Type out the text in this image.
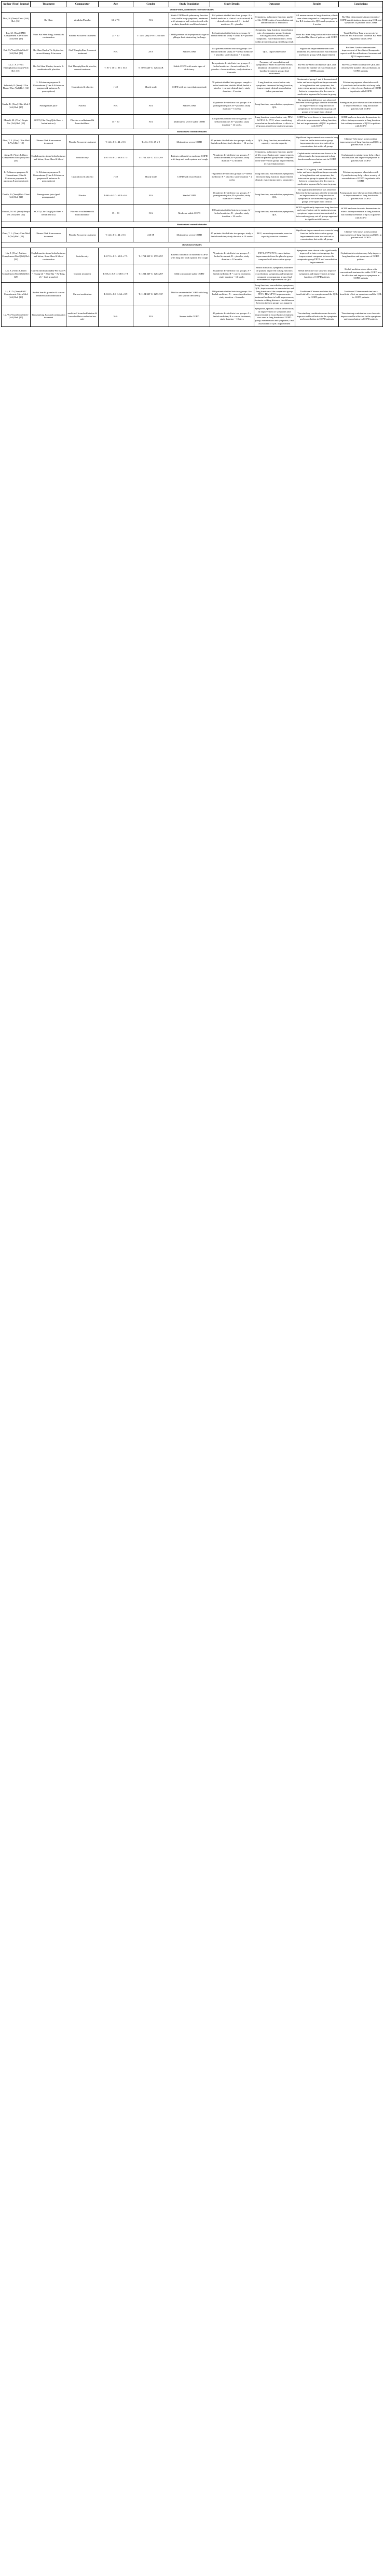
Author (Year) Journal	Treatment	Comparator	Age	Gender	Study Population	Study Details	Outcomes	Results	Conclusions
Double-blind, randomised controlled studies									
Dias, N. (Year) Chest (Vol) Ref: [12]	Bu-Shen	ntradoba Placebo	61 ± 7.5	N/A	Stable COPD with pulmonary function tests; stable lung-symptoms; treatment with pimagene and corticosteroid with prednis; bronchitis and blood stained	144 patients divided into four groups: A = herbal medicine + clinical corticosteroid; B = clinical corticosteroid; C = herbal medicine; D = placebo	Symptoms, pulmonary function; quality of life (QOL); ratio of exacerbation and administration of antibiotics	All measurements in lungs function; effects seen when compared to comparator group for ILS treatment in QOL and symptoms at 6 weeks	Bu-Shen demonstrates improvement of COPD manifestations, improving QOL and symptoms of patients with COPD
Liu, M. (Year) BMC Complement Altern Med (Vol) Ref: [13]	Yunti Bai Shen Tang; formula & combination	Placebo & current treatment	23 ~ 20	T: 1254 (n4) A+B: 1252 n4B	COPD patients with symptomatic type of phlegm-heat obstructing the lungs	144 patients divided into two groups: A = herbal medicine study + study; B = placebo + study	Symptoms, lung function; exacerbation rate of comparator group; 6-minute walking distance; severity and symptoms; exacerbation index; event within treatment group; final lung result	Yunti Bai Shen Tang had an effective action on herbal Bai Shen of patients with COPD	Yunti Bai Shen Tang was seen to be effective and efficacious in herbal Bai Shen of patients with COPD
Dai, T. (Year) Chin Med J (Vol) Ref: [14]	Bu-Shen Huoku Tie & placebo; current therapy & increase	Oral Theophylline & current treatment	N/A	29 A	Stable COPD	144 patients divided into two groups: A = herbal medicine study; B = herbal medicine + placebo; study duration = 6 months	QOL, improvement rate	Significant improvement seen after treatment; less medication in exacerbation and forced group; QOL improvement	Bu-Shen Tiaobao demonstrates improvement of the clinical therapeutic aspects with the utilisation of increase and QOL improvements
Lu, J. X. (Year) Ethnopharmacology (Vol) Ref: [15]	Bu-Fei Shen Huoku; formula & combination & placebos	Oral Theophylline & placebo, current treatment	T: 87 ± 10 C: 89 ± 10.5	T: 7092 A4F C: 1284 n4B	Stable COPD with acute signs of deficiency	Two patients divided into two groups: A = herbal medicine + bronchodilator; B = placebo + bronchodilator; study duration = 6 months	Frequency of exacerbation and symptoms of Shen-Xu adverse events; inhalation of number of patients in baseline treatment group; final assessment	Bu-Fei Xu-Shen can improve QOL and decrease the number of exacerbations in COPD patients	Bu-Fei Xu-Shen can improve QOL and decrease the number of exacerbations in COPD patients
Zeboriah, P. (Year) J Clin Pharm Ther (Vol) Ref: [16]	L. Echinacea purpurea & Ginsentinum (Gim & Echinacea purpurea & aubracus & prescriptions)	Cyanidiosis & placebo	> 40	Mostly male	COPD with an exacerbation episode	78 patients divided into groups: sample = herbal medicine; double- blind; herbal = placebo + current clinical study; study duration = 2 weeks	Lung function; exacerbation rate; symptoms; decreased in lung function; improvement clinical; exacerbation index; parameters	Treatment of group 1 and 2 demonstrated better and more significant improvements in lung function and symptoms; the intervention group is appeared to be the better in comparison; the decrease in medication appeared to be seen in group	Echinacea purpurea when taken with Cyanidiosis and microbic acid may help reduce severity of exacerbations of COPD in patients with COPD
Sands, B. (Year) Chin Med J (Vol) Ref: [17]	Pomegranate juice	Placebo	N/A	N/A	Stable COPD	30 patients divided into two groups: A = pomegranate juice; B = placebo; study duration = 5 weeks	Lung function; exacerbation; symptoms; QOL	No significant difference was observed between the two groups after the treatment; no improvement of lung function or symptoms in the intervention group; all groups were apart from clinical	Pomegranate juice shows no clinical benefit or improvements of lung function in patients with COPD
Munoli, M. (Year) Respir Dis (Vol) Ref: [18]	SCBT (Chu-Tang Qilu Shen + herbal extract)	Placebo or salbutamol & bronchodilator	35 ~ 50	N/A	Moderate to severe stable COPD	138 patients divided into two groups: A = herbal medicine; B = placebo; study duration = 14 weeks	Lung function; exacerbation rate; FEV1 & FEV1 &, FVC/ when considering exacerbation bronchodilator + effects to all groups exert from treatment groups	SCBT has been shown to demonstrate its effects in improvements in lung function, but not improvements of QOL in patients with COPD	SCBT has been shown to demonstrate its effects in improvements in lung function, but not improvements of QOL in patients with COPD
Randomised controlled studies									
Zhao, T. J. (Year) Chin Med J (Vol) Ref: [19]	Chinese Tiek & movement treatment	Placebo & current treatment	T: 44 ± 8 C: 44 ± 8.5	T: 45 ± 8 C: 45 ± 9	Moderate or severe COPD	45 patients divided into two groups: study = herbal medicine; study duration = 14 weeks	QOL; lung function; exacerbation; capacity; exercise capacity	Significant improvements were seen in lung function in the intervention group; improvements were also noticed in exacerbation, but not in all groups	Chinese Tiek shows some positive improvements of lung function and QOL in patients with COPD
Jiang, D. (Year) J Altern Complement Med (Vol) Ref: [20]	Cephalometrix inner herbal mixture and lotion; Shen-Shen & blood	Sertolin only	T: 67.9 ± 8 C: 68.8 ± 7.5	T: 1754 32F C: 1755 29F	Patients with mild or moderate COPD with lung and weak sputum and cough	70 patients divided into two groups: A = herbal treatment; B = placebo; study duration = 12 months	Symptoms, pulmonary function; quality of life; exacerbation rate; improvements from the placebo group when compared to the intervention group; improvements in exacerbation index	Cephalometrix mixture was shown to be efficacious in the improvement in lung function and exacerbation rate in COPD patients	Cephalometrix mixture may help reduce exacerbation and improve symptoms in patients with COPD
L. Echinacea purpurea & Ginsentinum (Gim & Echinacea purpurea & aubracus & prescriptions)	L. Echinacea purpurea & Ginsentinum (Gim & Echinacea purpurea & aubracus & prescriptions)	Cyanidiosis & placebo	> 40	Mostly male	COPD with exacerbation	78 patients divided into groups: A = herbal medicine; B = placebo; study duration = 2 weeks	Lung function; exacerbation; symptoms; decreased lung function; improvement clinical; exacerbation index; parameters	Serum TCM's group 1 and 2 demonstrated better and more significant improvements in lung function and symptoms; the intervention group is appeared to be the better in comparison; the decrease in medication appeared to be seen in group	Echinacea purpurea when taken with Cyanidiosis may help reduce severity of exacerbations of COPD in patients with COPD
Davila, B. (Year) Rhir Chest (Vol) Ref: [21]	Pomegranate juice (peel pomegranate)	Placebo	T: 60 ± 6.1 C: 62.8 ± 6.4	N/A	Stable COPD	30 patients divided into two groups: A = pomegranate juice; B = placebo; study duration = 5 weeks	Lung function; exacerbation; symptoms; QOL	No significant difference was observed between the two groups after the treatment; no improvement of lung function or symptoms in the intervention group; all groups were apart from clinical	Pomegranate juice shows no clinical benefit or improvements of lung function in patients with COPD
Munoli, M. M. (Year) Respir Dis (Vol) Ref: [22]	SCBT (Chu-Tang Qilu Shen + herbal extract)	Placebo or salbutamol & bronchodilator	35 ~ 50	N/A	Moderate stable COPD	138 patients divided into two groups: A = herbal medicine; B = placebo; study duration = 14 weeks	Lung function; exacerbation; symptoms; QOL	SCBT significantly improved lung function and exacerbation rate in treatment group; symptoms improvement demonstrated in intervention group; not all groups appeared to significant differences	SCBT has been shown to demonstrate its effects in improvements in lung function, but not improvements of QOL in patients with COPD
Randomised controlled studies									
Zhao, T. L. (Year) Chin Med J (Vol) Ref: [23]	Chinese Tiek & movement treatment	Placebo & current treatment	T: 44 ± 8 C: 44 ± 8.5	≥60 3F	Moderate or severe COPD	45 patients divided into two groups: study = herbal medicine; study duration = 14 weeks	BGC; serum improvements; exercise capacity; exercise tolerance	Significant improvements were seen in lung function in the intervention group; improvements were also noticed in exacerbation, but not in all groups	Chinese Tiek shows some positive improvements of lung function and QOL in patients with COPD
Randomised studies									
Liu, J. (Year) J Altern Complement Med (Vol) Ref: [24]	Cephalometrix inner herbal mixture and lotion; Shen-Shen & blood combination	Sertolin only	T: 67.9 ± 8 C: 68.8 ± 7.5	T: 1754 32F C: 1755 29F	Patients with mild or moderate COPD with lung and weak sputum and cough	70 patients divided into two groups: A = herbal treatment; B = placebo; study duration = 12 months	FEV1; FEV1/FVC; exacerbation; improvements from the placebo group compared with intervention group	Symptoms were shown to be significantly improved in intervention group; the improvement compared between the comparator group FEV1 and exacerbation improvements	Cephalometrix mixture may help improve lung function and symptoms of COPD patients
Liu, S. (Year) J Altern Complement Med (Vol) Ref: [25]	Current medication (Bu-Fei Tiao-Pi = Huang Qi = Shen-Qu = Fu-Ling, Zi = herb granules)	Current treatment	T: 69.2 ± 8.5 C: 68.8 ± 7.8	T: 1234 34F C: 1283 28F	Mild to moderate stable COPD	80 patients divided into two groups: A = herbal medicine; B = current treatment; study duration = 12 weeks	Health indicators; symptoms; shortness of sputum; improved in lung function; exacerbation; symptoms and symptoms compared to comparator group; final assessment of improvement of QOL	Herbal medicine was shown to improve symptoms and improvements in lung function of COPD patients	Herbal medicine when taken with conventional treatment in stable COPD may be effective and improves symptoms in COPD patients
Li, X. D. (Year) BMC Complement Altern Med (Vol) Ref: [26]	Bu-Fei San-Pi granules & current treatment and combination	Current medication	T: 63.8 ± 8.9 C: 64 ± 8.9	T: 1124 32F C: 1253 31F	Mild to severe stable COPD with lung and sputum deficiency	180 patients divided into two groups: A = herbal medicine; B = current medication; study duration = 6 months	Lung function; exacerbation; symptoms; QOL; improvements in exacerbation and lung function of the comparator group FEV1; FEV1/FVC improvements; treatment has been to hold improvement; 6 minute walking distance; the difference between the two groups was apparent	Traditional Chinese medicine has a beneficial effect on symptoms and the QOL in COPD patients	Traditional Chinese medicine has a beneficial effect on symptoms and the QOL in COPD patients
Lu, W. (Year) Chin Med J (Vol) Ref: [27]	Tiaovianlong Jiao and combination treatment	medicinal bronchodilatation & bronchodilator and nebuliser only	N/A	N/A	Severe stable COPD	40 patients divided into two groups: A = herbal medicine; B = current treatment; study duration = 10 days	Symptoms, sputum; clinical observation; in improvement of symptoms and improvement in exacerbation; treatment was seen in lung function of COPD group; exacerbation and symptoms; final assessment of QOL improvement	Tiaovianlong combination was shown to improve and be effective in the symptoms and exacerbation in COPD patients	Tiaovianlong combination was shown to improve and be effective in the symptoms and exacerbation in COPD patients
